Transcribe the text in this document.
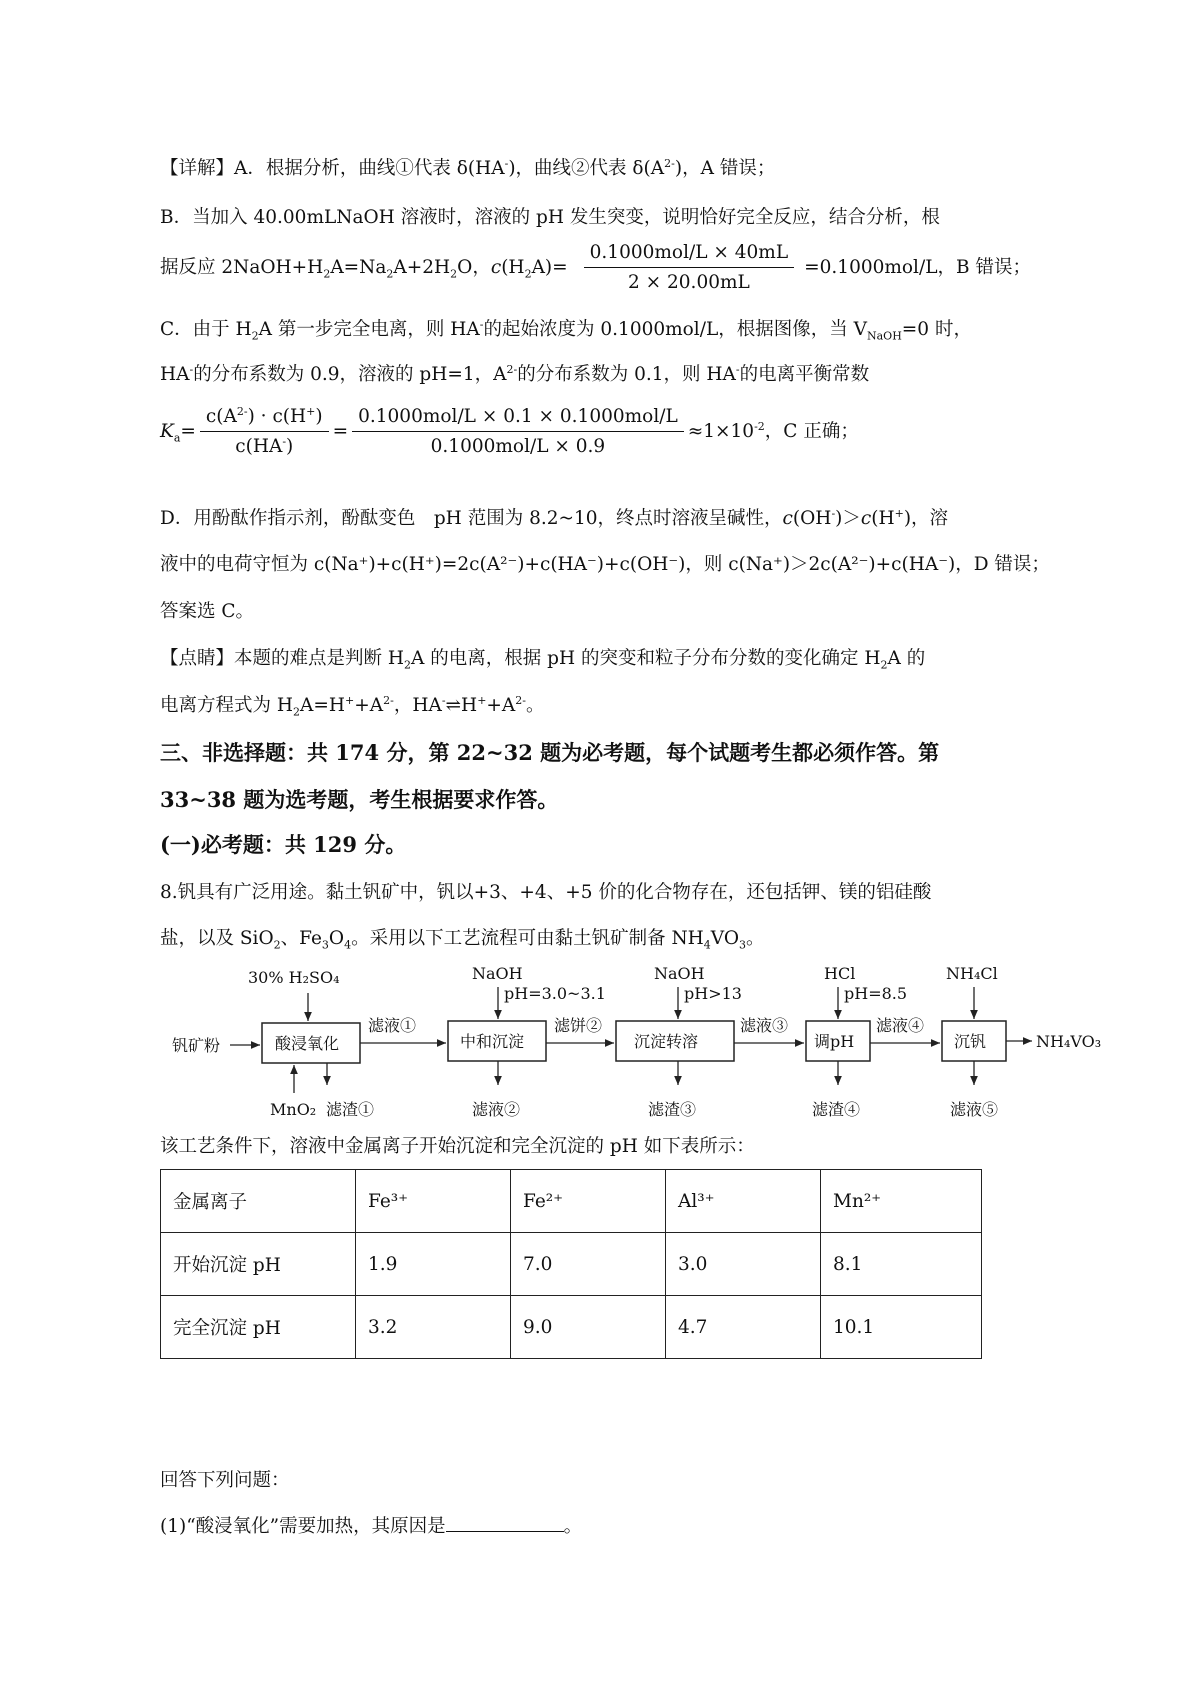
【详解】A．根据分析，曲线①代表 δ(HA-)，曲线②代表 $\delta(A^{2-})$，A 错误；
B．当加入 40.00mLNaOH 溶液时，溶液的 pH 发生突变，说明恰好完全反应，结合分析，根
据反应 $2NaOH+H_2A=Na_2A+2H_2O$，$c(H_2A)= \frac{\text{0.1000mol/L × 40mL}}{2 \times 20.00mL} =0.1000mol/L$，B 错误；
C．由于 $H_2A$ 第一步完全电离，则 HA-的起始浓度为 0.1000mol/L，根据图像，当 $V_{NaOH}=0$ 时，
HA-的分布系数为 0.9，溶液的 pH=1，$A^{2-}$的分布系数为 0.1，则 HA-的电离平衡常数
$K_a= \frac{c(A^{2-}) \cdot c(H^+)}{c(HA^-)} = \frac{\text{0.1000mol/L × 0.1 × 0.1000mol/L}}{\text{0.1000mol/L × 0.9}} \approx 1\times 10^{-2}$，C 正确；
D．用酚酞作指示剂，酚酞变色　pH 范围为 8.2~10，终点时溶液呈碱性，c(OH-)＞c(H+)，溶
液中的电荷守恒为 c(Na⁺)+c(H⁺)=2c(A²⁻)+c(HA⁻)+c(OH⁻)，则 c(Na⁺)＞2c(A²⁻)+c(HA⁻)，D 错误；
答案选 C。
【点睛】本题的难点是判断 $H_2A$ 的电离，根据 pH 的突变和粒子分布分数的变化确定 $H_2A$ 的
电离方程式为 $H_2A=H^++A^{2-}$，$HA^-\rightleftharpoons H^++A^{2-}$。
三、非选择题：共 174 分，第 22~32 题为必考题，每个试题考生都必须作答。第
33~38 题为选考题，考生根据要求作答。
(一)必考题：共 129 分。
8.钒具有广泛用途。黏土钒矿中，钒以+3、+4、+5 价的化合物存在，还包括钾、镁的铝硅酸
盐，以及 SiO$_2$、$Fe_3O_4$。采用以下工艺流程可由黏土钒矿制备 $NH_4VO_3$。
钒矿粉	酸浸氧化
30% H₂SO₄
MnO₂ 滤渣①
滤液①
中和沉淀
NaOH
pH=3.0~3.1
滤液②
滤饼②
沉淀转溶
NaOH
pH>13
滤渣③
滤液③
调pH
HCl
pH=8.5
滤渣④
滤液④
沉钒
NH₄Cl
滤液⑤
NH₄VO₃
该工艺条件下，溶液中金属离子开始沉淀和完全沉淀的 pH 如下表所示：
金属离子	Fe³⁺	Fe²⁺	Al³⁺	Mn²⁺
开始沉淀 pH	1.9	7.0	3.0	8.1
完全沉淀 pH	3.2	9.0	4.7	10.1
回答下列问题：
(1)“酸浸氧化”需要加热，其原因是	。
